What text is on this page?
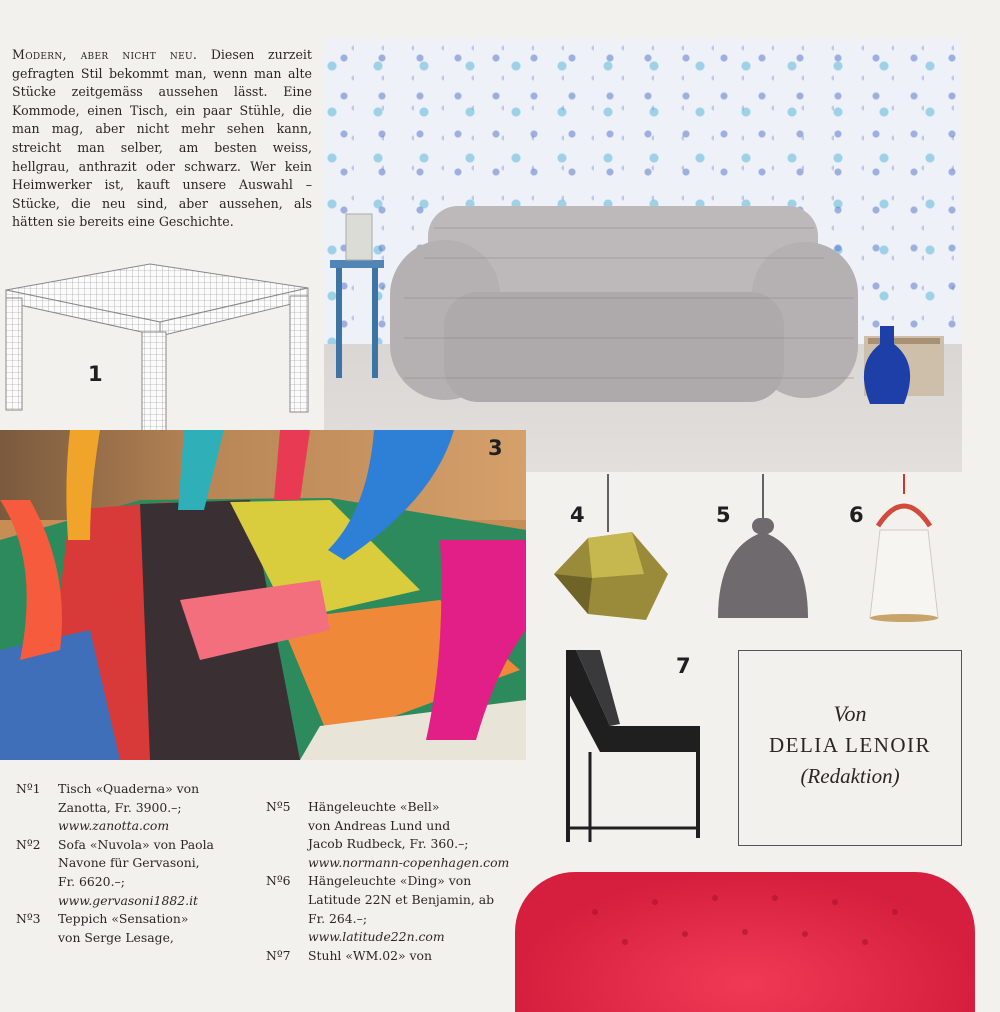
Modern, aber nicht neu. Diesen zurzeit gefragten Stil bekommt man, wenn man alte Stücke zeitgemäss aussehen lässt. Eine Kommode, einen Tisch, ein paar Stühle, die man mag, aber nicht mehr sehen kann, streicht man selber, am besten weiss, hellgrau, anthrazit oder schwarz. Wer kein Heimwerker ist, kauft unsere Auswahl – Stücke, die neu sind, aber aussehen, als hätten sie bereits eine Geschichte.
1
3
4	5	6
7
Von
DELIA LENOIR
(Redaktion)
Nº1	Tisch «Quaderna» von
Zanotta, Fr. 3900.–;
www.zanotta.com
Nº2	Sofa «Nuvola» von Paola
Navone für Gervasoni,
Fr. 6620.–;
www.gervasoni1882.it
Nº3	Teppich «Sensation»
von Serge Lesage,
Nº5	Hängeleuchte «Bell»
von Andreas Lund und
Jacob Rudbeck, Fr. 360.–;
www.normann-copenhagen.com
Nº6	Hängeleuchte «Ding» von
Latitude 22N et Benjamin, ab
Fr. 264.–;
www.latitude22n.com
Nº7	Stuhl «WM.02» von
